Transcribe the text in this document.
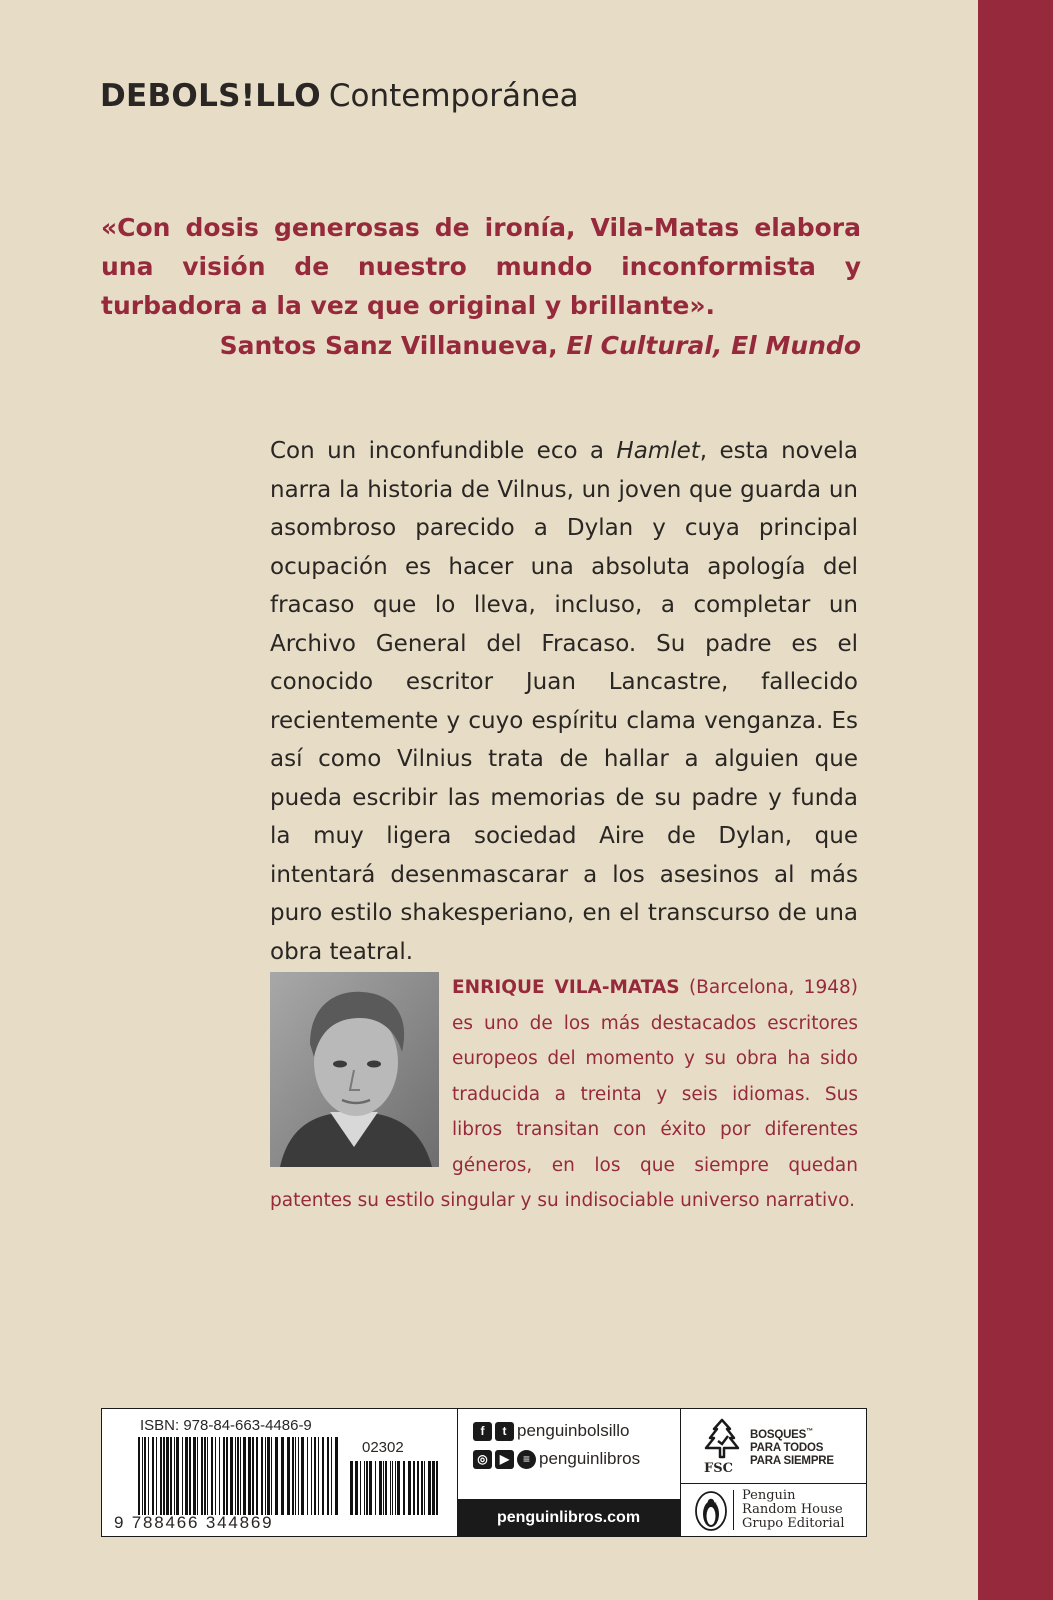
DEBOLS!LLO Contemporánea
«Con dosis generosas de ironía, Vila-Matas elabora una visión de nuestro mundo inconformista y turbadora a la vez que original y brillante».
Santos Sanz Villanueva, El Cultural, El Mundo
Con un inconfundible eco a Hamlet, esta novela narra la historia de Vilnus, un joven que guarda un asombroso parecido a Dylan y cuya principal ocupación es hacer una absoluta apología del fracaso que lo lleva, incluso, a completar un Archivo General del Fracaso. Su padre es el conocido escritor Juan Lancastre, fallecido recientemente y cuyo espíritu clama venganza. Es así como Vilnius trata de hallar a alguien que pueda escribir las memorias de su padre y funda la muy ligera sociedad Aire de Dylan, que intentará desenmascarar a los asesinos al más puro estilo shakesperiano, en el transcurso de una obra teatral.
ENRIQUE VILA-MATAS (Barcelona, 1948) es uno de los más destacados escritores europeos del momento y su obra ha sido traducida a treinta y seis idiomas. Sus libros transitan con éxito por diferentes géneros, en los que siempre quedan patentes su estilo singular y su indisociable universo narrativo.
ISBN: 978-84-663-4486-9
02302
9 788466 344869
f	t penguinbolsillo
◎	▶	≡ penguinlibros
penguinlibros.com
FSC
BOSQUES™
PARA TODOS
PARA SIEMPRE
Penguin
Random House
Grupo Editorial
